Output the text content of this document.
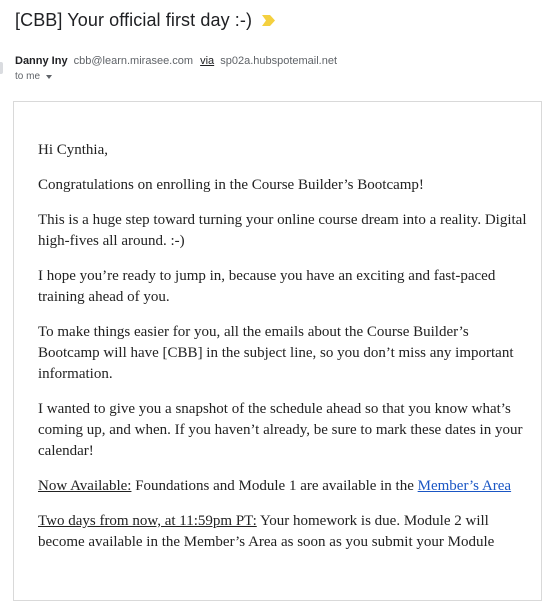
[CBB] Your official first day :-)
Danny Iny cbb@learn.mirasee.com via sp02a.hubspotemail.net
to me

Hi Cynthia,

Congratulations on enrolling in the Course Builder’s Bootcamp!

This is a huge step toward turning your online course dream into a reality. Digital high-fives all around. :-)

I hope you’re ready to jump in, because you have an exciting and fast-paced training ahead of you.

To make things easier for you, all the emails about the Course Builder’s Bootcamp will have [CBB] in the subject line, so you don’t miss any important information.

I wanted to give you a snapshot of the schedule ahead so that you know what’s coming up, and when. If you haven’t already, be sure to mark these dates in your calendar!

Now Available: Foundations and Module 1 are available in the Member’s Area

Two days from now, at 11:59pm PT: Your homework is due. Module 2 will become available in the Member’s Area as soon as you submit your Module
